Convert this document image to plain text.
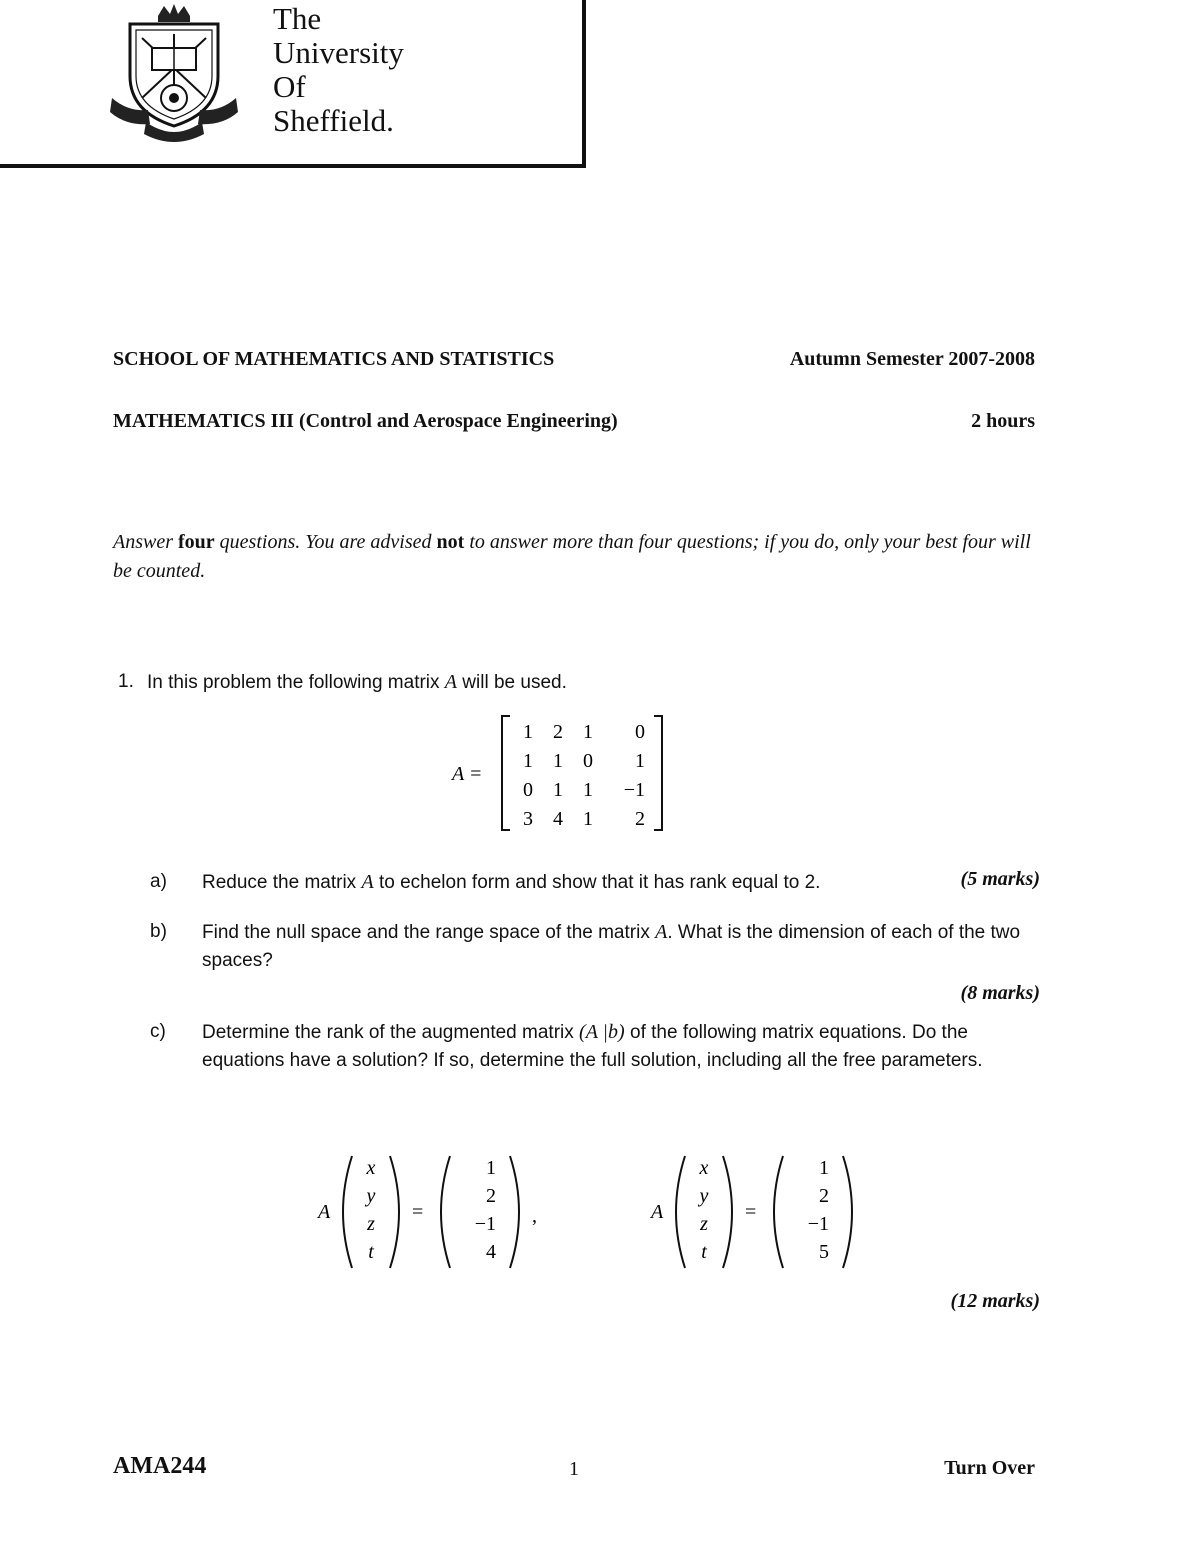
The
University
Of
Sheffield.
SCHOOL OF MATHEMATICS AND STATISTICS	Autumn Semester 2007-2008
MATHEMATICS III (Control and Aerospace Engineering)	2 hours
Answer four questions. You are advised not to answer more than four questions; if you do, only your best four will be counted.
1. In this problem the following matrix A will be used.
A =
1 2 1 0
1 1 0 1
0 1 1 −1
3 4 1 2
a) Reduce the matrix A to echelon form and show that it has rank equal to 2.	(5 marks)
b) Find the null space and the range space of the matrix A. What is the dimension of each of the two spaces?
(8 marks)
c) Determine the rank of the augmented matrix (A |b) of the following matrix equations. Do the equations have a solution? If so, determine the full solution, including all the free parameters.
A
x
y
z
t
=
1
2
−1
4
,	A
x
y
z
t
=
1
2
−1
5
(12 marks)
AMA244	1	Turn Over
